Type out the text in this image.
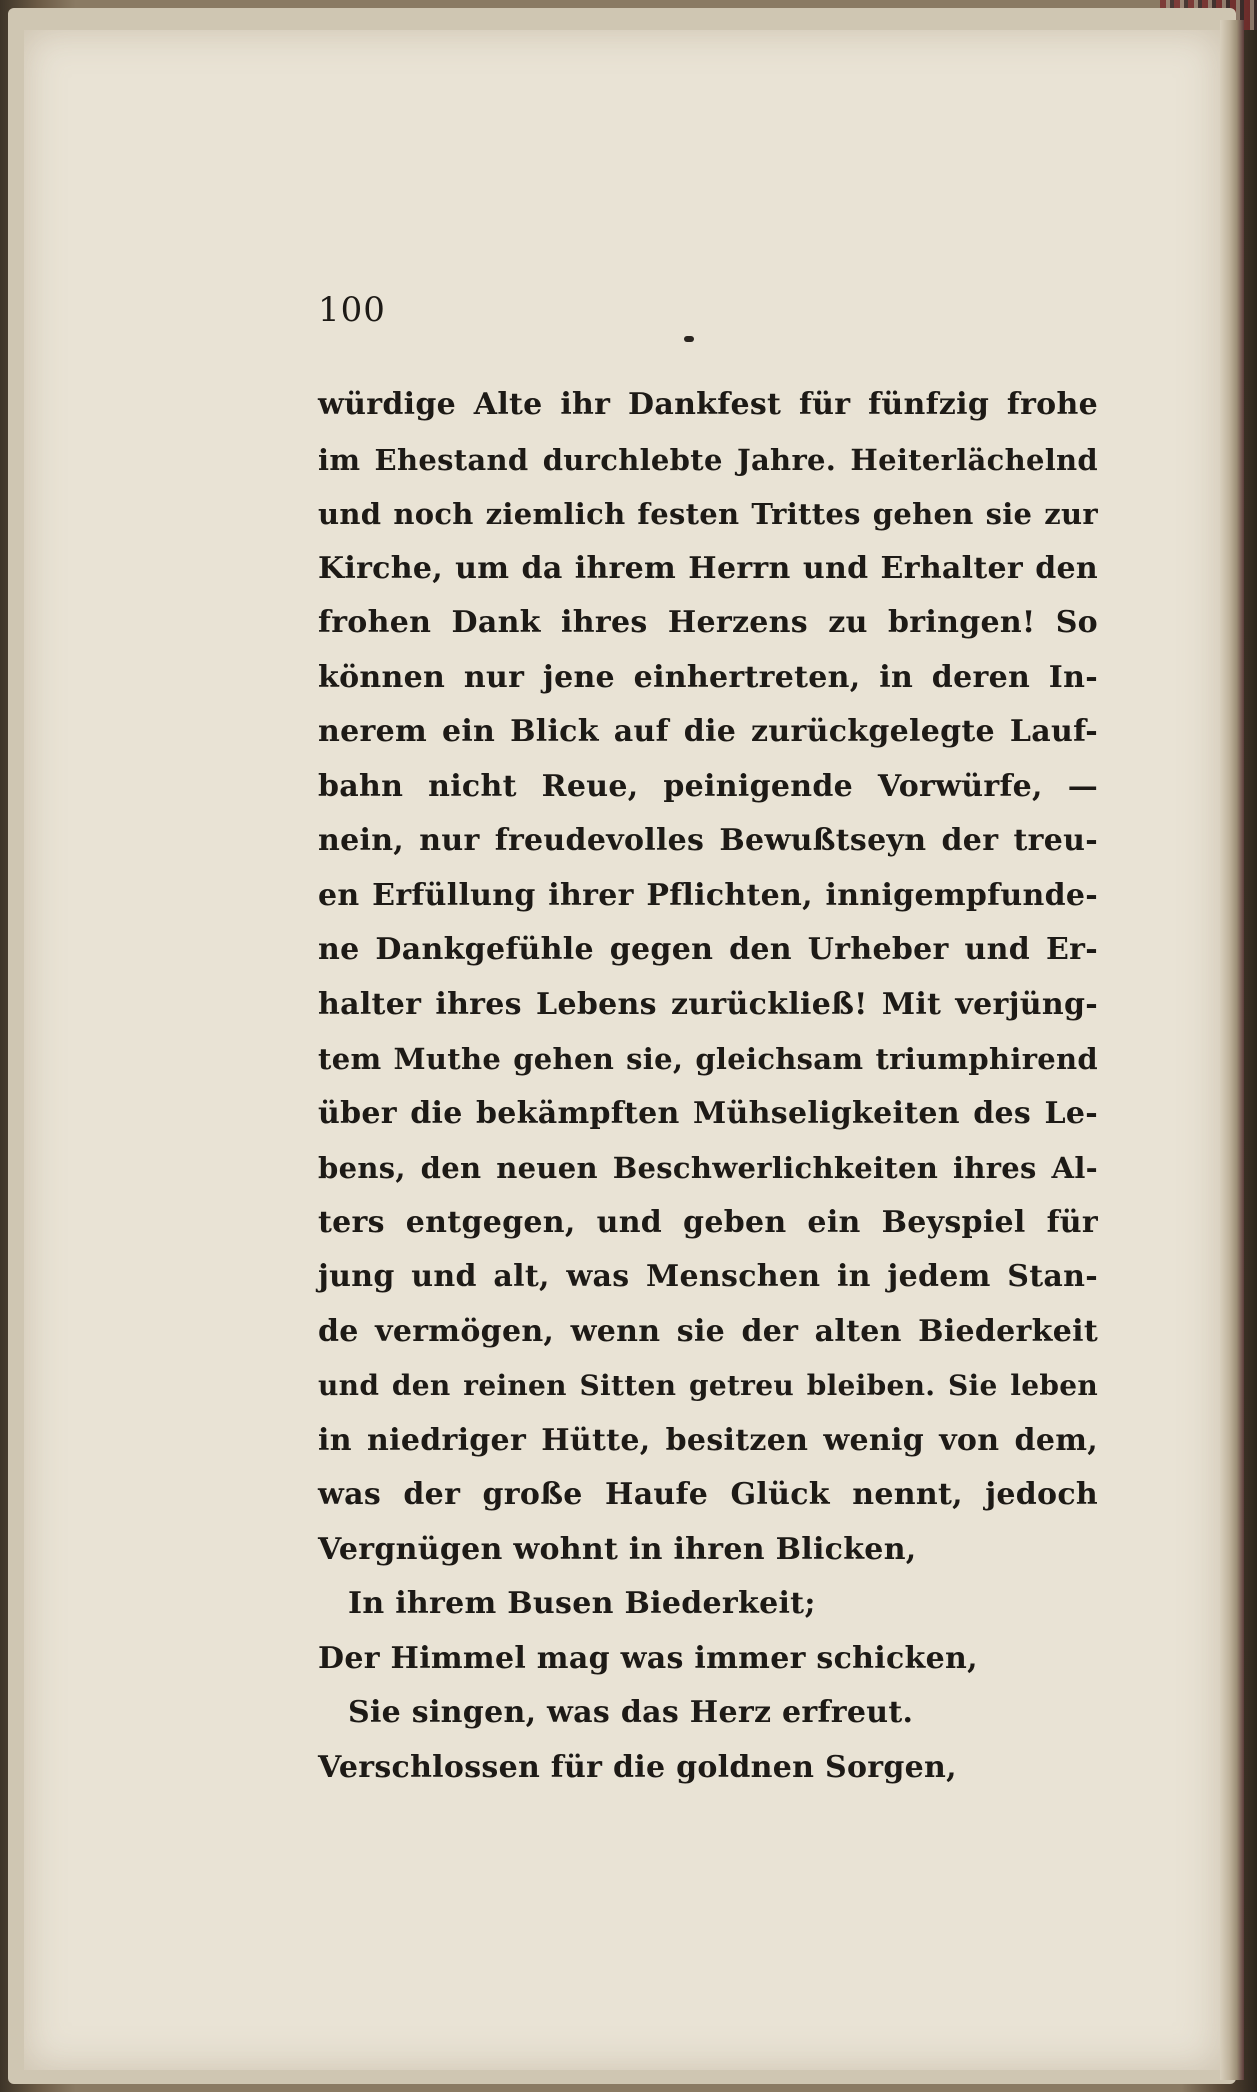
100
würdige Alte ihr Dankfest für fünfzig frohe
im Ehestand durchlebte Jahre. Heiterlächelnd
und noch ziemlich festen Trittes gehen sie zur
Kirche, um da ihrem Herrn und Erhalter den
frohen Dank ihres Herzens zu bringen! So
können nur jene einhertreten, in deren In-
nerem ein Blick auf die zurückgelegte Lauf-
bahn nicht Reue, peinigende Vorwürfe, —
nein, nur freudevolles Bewußtseyn der treu-
en Erfüllung ihrer Pflichten, innigempfunde-
ne Dankgefühle gegen den Urheber und Er-
halter ihres Lebens zurückließ! Mit verjüng-
tem Muthe gehen sie, gleichsam triumphirend
über die bekämpften Mühseligkeiten des Le-
bens, den neuen Beschwerlichkeiten ihres Al-
ters entgegen, und geben ein Beyspiel für
jung und alt, was Menschen in jedem Stan-
de vermögen, wenn sie der alten Biederkeit
und den reinen Sitten getreu bleiben. Sie leben
in niedriger Hütte, besitzen wenig von dem,
was der große Haufe Glück nennt, jedoch
Vergnügen wohnt in ihren Blicken,
In ihrem Busen Biederkeit;
Der Himmel mag was immer schicken,
Sie singen, was das Herz erfreut.
Verschlossen für die goldnen Sorgen,
